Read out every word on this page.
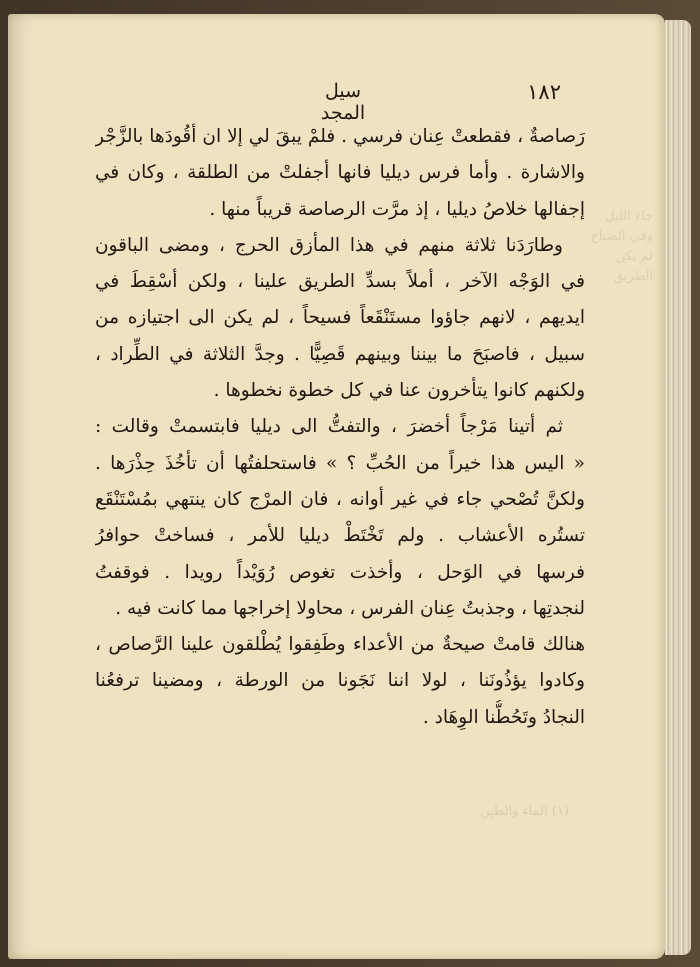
جاء الليل
وفي الصباح
لم يكن
الطريق
(١) الماء والطين
١٨٢
سيل المجد
رَصاصةٌ ، فقطعتْ عِنان فرسي . فلمْ يبقَ لي إلا ان أقُودَها بالزَّجْر
والاشارة . وأما فرس ديليا فانها أجفلتْ من الطلقة ، وكان في
إجفالها خلاصُ ديليا ، إذ مرَّت الرصاصة قريباً منها .
وطارَدَنا ثلاثة منهم في هذا المأزق الحرج ، ومضى الباقون
في الوَجْه الآخر ، أملاً بسدِّ الطريق علينا ، ولكن أسْقِطَ في
ايديهم ، لانهم جاؤوا مستَنْقَعاً فسيحاً ، لم يكن الى اجتيازه من
سبيل ، فاصبَحَ ما بيننا وبينهم قَصِيًّا . وجدَّ الثلاثة في الطِّراد ،
ولكنهم كانوا يتأخرون عنا في كل خطوة نخطوها .
ثم أتينا مَرْجاً أخضرَ ، والتفتُّ الى ديليا فابتسمتْ وقالت :
« اليس هذا خيراً من الحُبِّ ؟ » فاستحلفتُها أن تأخُذَ حِذْرَها .
ولكنَّ تُصْحي جاء في غير أوانه ، فان المرْج كان ينتهي بمُسْتَنْقَع
تستُره الأعشاب . ولم تَخْتَطْ ديليا للأمر ، فساختْ حوافرُ
فرسها في الوَحل ، وأخذت تغوص رُوَيْداً رويدا . فوقفتُ
لنجدتِها ، وجذبتُ عِنان الفرس ، محاولا إخراجها مما كانت فيه .
هنالك قامتْ صيحةٌ من الأعداء وطَفِقوا يُطْلقون علينا الرَّصاص ،
وكادوا يؤذُونَنا ، لولا اننا نَجَونا من الورطة ، ومضينا ترفعُنا
النجادُ وتَحُطُّنا الوِهَاد .
